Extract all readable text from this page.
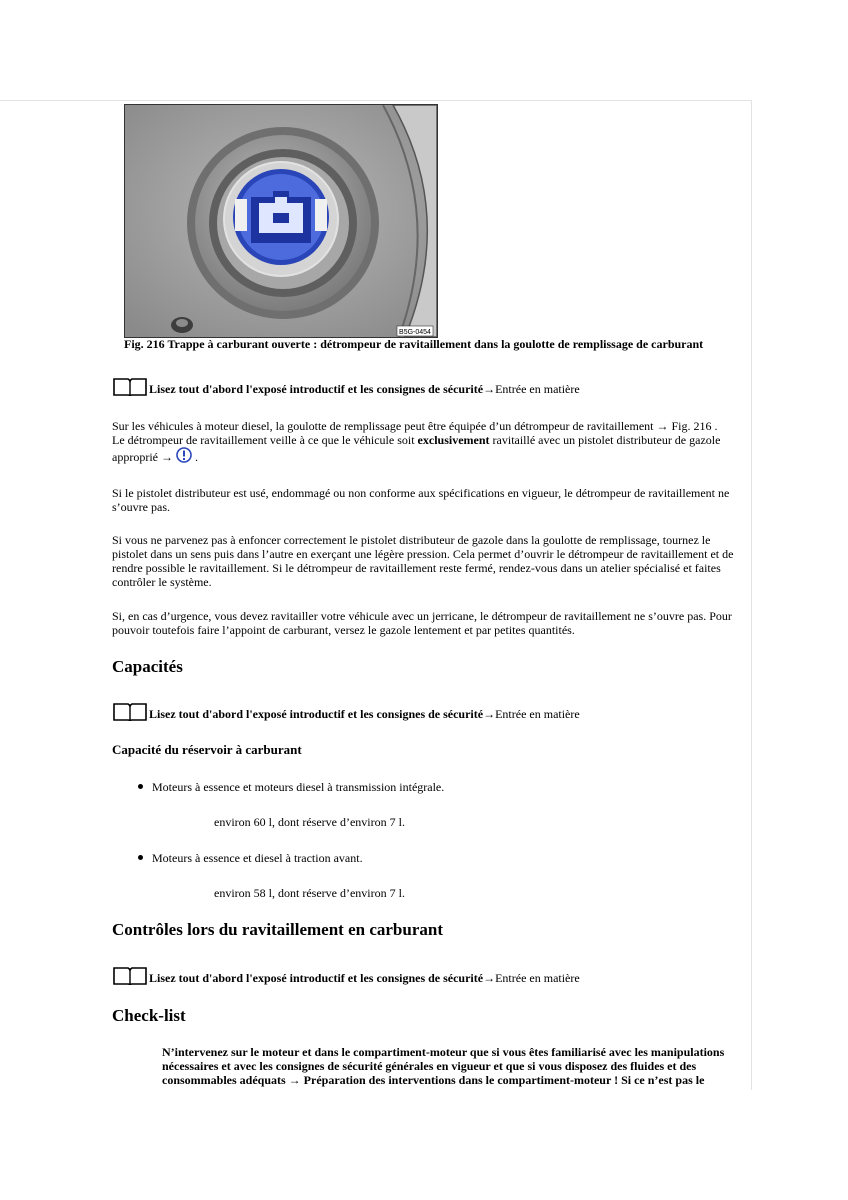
B5G-0454
Fig. 216 Trappe à carburant ouverte : détrompeur de ravitaillement dans la goulotte de remplissage de carburant
Lisez tout d'abord l'exposé introductif et les consignes de sécurité → Entrée en matière
Sur les véhicules à moteur diesel, la goulotte de remplissage peut être équipée d’un détrompeur de ravitaillement → Fig. 216 .
Le détrompeur de ravitaillement veille à ce que le véhicule soit exclusivement ravitaillé avec un pistolet distributeur de gazole
approprié →  .
Si le pistolet distributeur est usé, endommagé ou non conforme aux spécifications en vigueur, le détrompeur de ravitaillement ne s’ouvre pas.
Si vous ne parvenez pas à enfoncer correctement le pistolet distributeur de gazole dans la goulotte de remplissage, tournez le pistolet dans un sens puis dans l’autre en exerçant une légère pression. Cela permet d’ouvrir le détrompeur de ravitaillement et de rendre possible le ravitaillement. Si le détrompeur de ravitaillement reste fermé, rendez-vous dans un atelier spécialisé et faites contrôler le système.
Si, en cas d’urgence, vous devez ravitailler votre véhicule avec un jerricane, le détrompeur de ravitaillement ne s’ouvre pas. Pour pouvoir toutefois faire l’appoint de carburant, versez le gazole lentement et par petites quantités.
Capacités
Lisez tout d'abord l'exposé introductif et les consignes de sécurité → Entrée en matière
Capacité du réservoir à carburant
Moteurs à essence et moteurs diesel à transmission intégrale.
environ 60 l, dont réserve d’environ 7 l.
Moteurs à essence et diesel à traction avant.
environ 58 l, dont réserve d’environ 7 l.
Contrôles lors du ravitaillement en carburant
Lisez tout d'abord l'exposé introductif et les consignes de sécurité → Entrée en matière
Check-list
N’intervenez sur le moteur et dans le compartiment-moteur que si vous êtes familiarisé avec les manipulations nécessaires et avec les consignes de sécurité générales en vigueur et que si vous disposez des fluides et des consommables adéquats → Préparation des interventions dans le compartiment-moteur ! Si ce n’est pas le
